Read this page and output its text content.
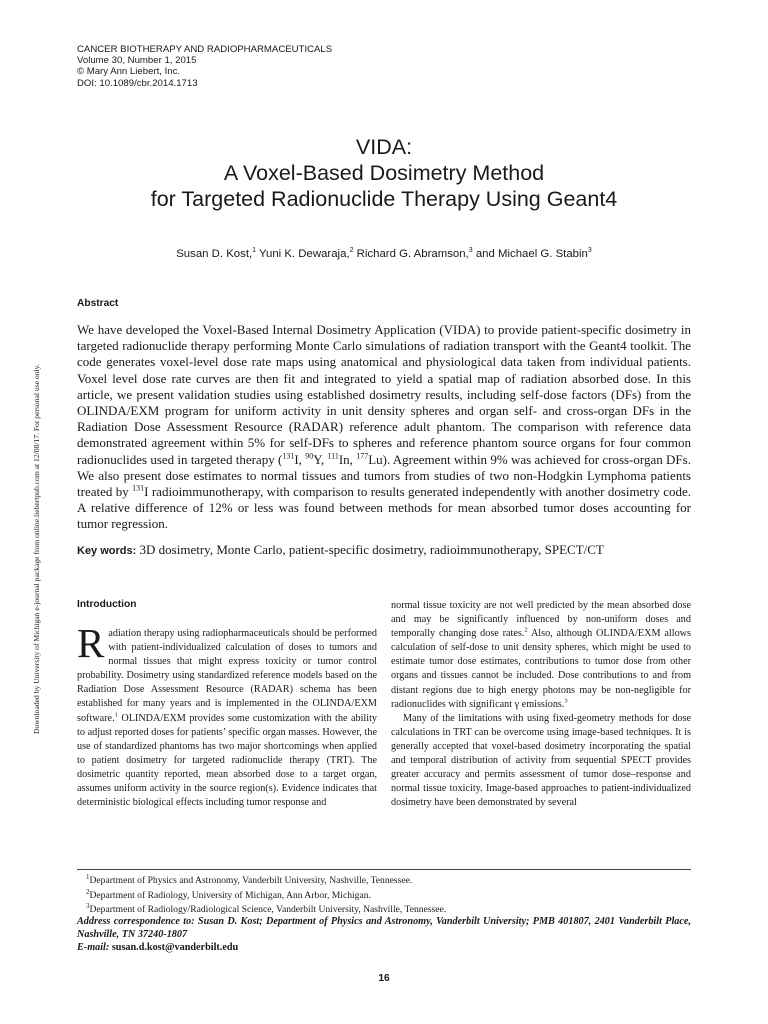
CANCER BIOTHERAPY AND RADIOPHARMACEUTICALS
Volume 30, Number 1, 2015
© Mary Ann Liebert, Inc.
DOI: 10.1089/cbr.2014.1713
Downloaded by University of Michigan e-journal package from online.liebertpub.com at 12/08/17. For personal use only.
VIDA:
A Voxel-Based Dosimetry Method
for Targeted Radionuclide Therapy Using Geant4
Susan D. Kost,$^1$ Yuni K. Dewaraja,$^2$ Richard G. Abramson,$^3$ and Michael G. Stabin$^3$
Abstract
We have developed the Voxel-Based Internal Dosimetry Application (VIDA) to provide patient-specific dosimetry in targeted radionuclide therapy performing Monte Carlo simulations of radiation transport with the Geant4 toolkit. The code generates voxel-level dose rate maps using anatomical and physiological data taken from individual patients. Voxel level dose rate curves are then fit and integrated to yield a spatial map of radiation absorbed dose. In this article, we present validation studies using established dosimetry results, including self-dose factors (DFs) from the OLINDA/EXM program for uniform activity in unit density spheres and organ self- and cross-organ DFs in the Radiation Dose Assessment Resource (RADAR) reference adult phantom. The comparison with reference data demonstrated agreement within 5% for self-DFs to spheres and reference phantom source organs for four common radionuclides used in targeted therapy ($^{131}$I, $^{90}$Y, $^{111}$In, $^{177}$Lu). Agreement within 9% was achieved for cross-organ DFs. We also present dose estimates to normal tissues and tumors from studies of two non-Hodgkin Lymphoma patients treated by $^{131}$I radioimmunotherapy, with comparison to results generated independently with another dosimetry code. A relative difference of 12% or less was found between methods for mean absorbed tumor doses accounting for tumor regression.
Key words: 3D dosimetry, Monte Carlo, patient-specific dosimetry, radioimmunotherapy, SPECT/CT
Introduction

Radiation therapy using radiopharmaceuticals should be performed with patient-individualized calculation of doses to tumors and normal tissues that might express toxicity or tumor control probability. Dosimetry using standardized reference models based on the Radiation Dose Assessment Resource (RADAR) schema has been established for many years and is implemented in the OLINDA/EXM software.$^1$ OLINDA/EXM provides some customization with the ability to adjust reported doses for patients’ specific organ masses. However, the use of standardized phantoms has two major shortcomings when applied to patient dosimetry for targeted radionuclide therapy (TRT). The dosimetric quantity reported, mean absorbed dose to a target organ, assumes uniform activity in the source region(s). Evidence indicates that deterministic biological effects including tumor response and

normal tissue toxicity are not well predicted by the mean absorbed dose and may be significantly influenced by non-uniform doses and temporally changing dose rates.$^2$ Also, although OLINDA/EXM allows calculation of self-dose to unit density spheres, which might be used to estimate tumor dose estimates, contributions to tumor dose from other organs and tissues cannot be included. Dose contributions to and from distant regions due to high energy photons may be non-negligible for radionuclides with significant γ emissions.$^3$

Many of the limitations with using fixed-geometry methods for dose calculations in TRT can be overcome using image-based techniques. It is generally accepted that voxel-based dosimetry incorporating the spatial and temporal distribution of activity from sequential SPECT provides greater accuracy and permits assessment of tumor dose–response and normal tissue toxicity. Image-based approaches to patient-individualized dosimetry have been demonstrated by several

$^1$Department of Physics and Astronomy, Vanderbilt University, Nashville, Tennessee.
$^2$Department of Radiology, University of Michigan, Ann Arbor, Michigan.
$^3$Department of Radiology/Radiological Science, Vanderbilt University, Nashville, Tennessee.
Address correspondence to: Susan D. Kost; Department of Physics and Astronomy, Vanderbilt University; PMB 401807, 2401 Vanderbilt Place, Nashville, TN 37240-1807
E-mail: susan.d.kost@vanderbilt.edu
16
